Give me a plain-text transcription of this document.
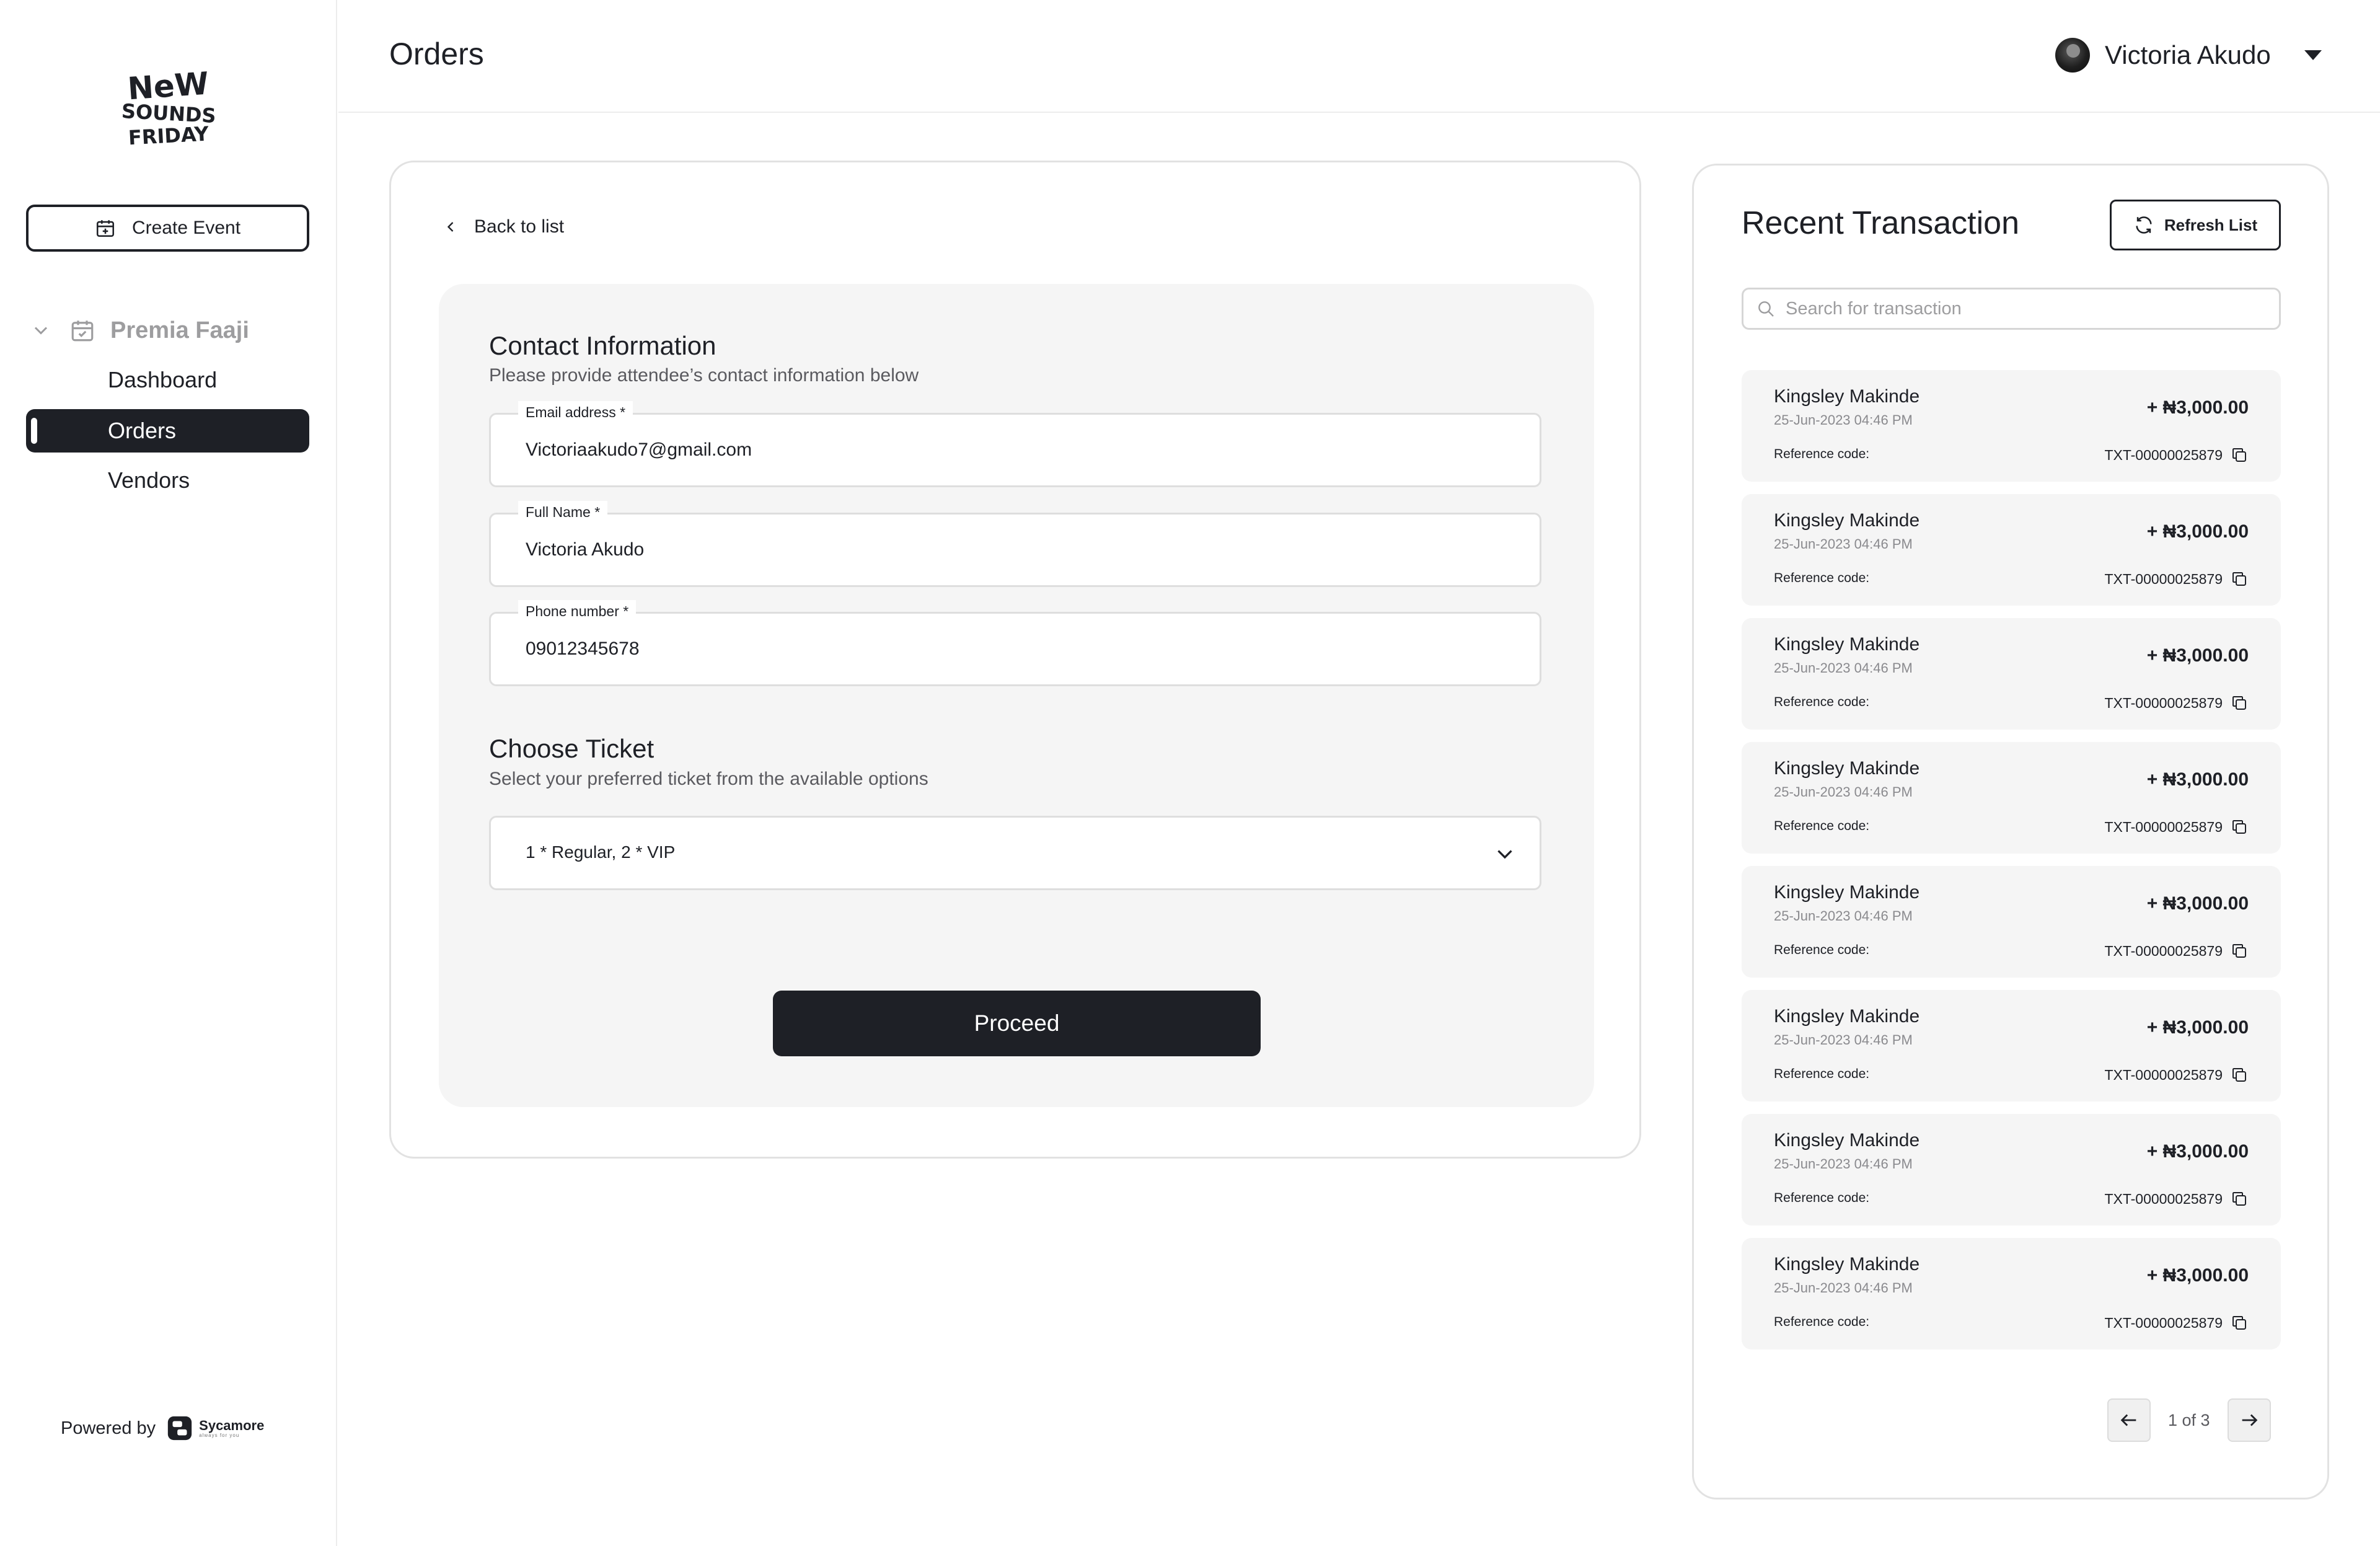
NeW
SOUNDS
FRIDAY
Create Event
Premia Faaji
Dashboard
Orders
Vendors
Powered by	Sycamore
always for you
Orders	Victoria Akudo
Back to list
Contact Information
Please provide attendee’s contact information below
Email address *
Victoriaakudo7@gmail.com
Full Name *
Victoria Akudo
Phone number *
09012345678
Choose Ticket
Select your preferred ticket from the available options
1 * Regular, 2 * VIP
Proceed
Recent Transaction	Refresh List
Search for transaction
Kingsley Makinde
25-Jun-2023 04:46 PM
+ ₦3,000.00
Reference code:	TXT-00000025879
Kingsley Makinde
25-Jun-2023 04:46 PM
+ ₦3,000.00
Reference code:	TXT-00000025879
Kingsley Makinde
25-Jun-2023 04:46 PM
+ ₦3,000.00
Reference code:	TXT-00000025879
Kingsley Makinde
25-Jun-2023 04:46 PM
+ ₦3,000.00
Reference code:	TXT-00000025879
Kingsley Makinde
25-Jun-2023 04:46 PM
+ ₦3,000.00
Reference code:	TXT-00000025879
Kingsley Makinde
25-Jun-2023 04:46 PM
+ ₦3,000.00
Reference code:	TXT-00000025879
Kingsley Makinde
25-Jun-2023 04:46 PM
+ ₦3,000.00
Reference code:	TXT-00000025879
Kingsley Makinde
25-Jun-2023 04:46 PM
+ ₦3,000.00
Reference code:	TXT-00000025879
1 of 3
